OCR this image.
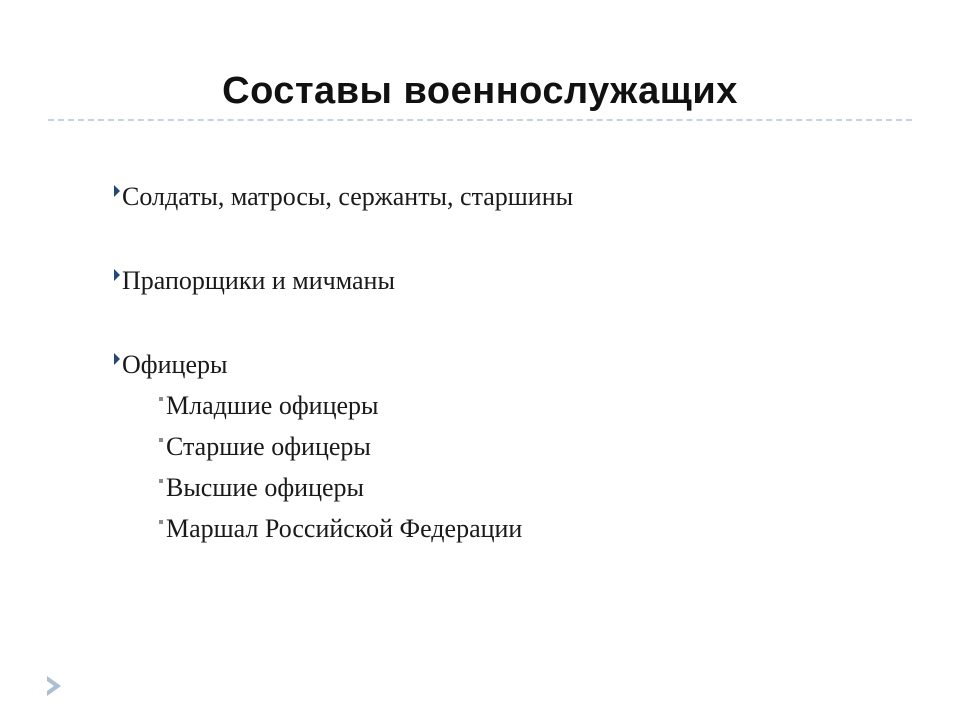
Составы военнослужащих
Солдаты, матросы, сержанты, старшины
Прапорщики и мичманы
Офицеры
Младшие офицеры
Старшие офицеры
Высшие офицеры
Маршал Российской Федерации
